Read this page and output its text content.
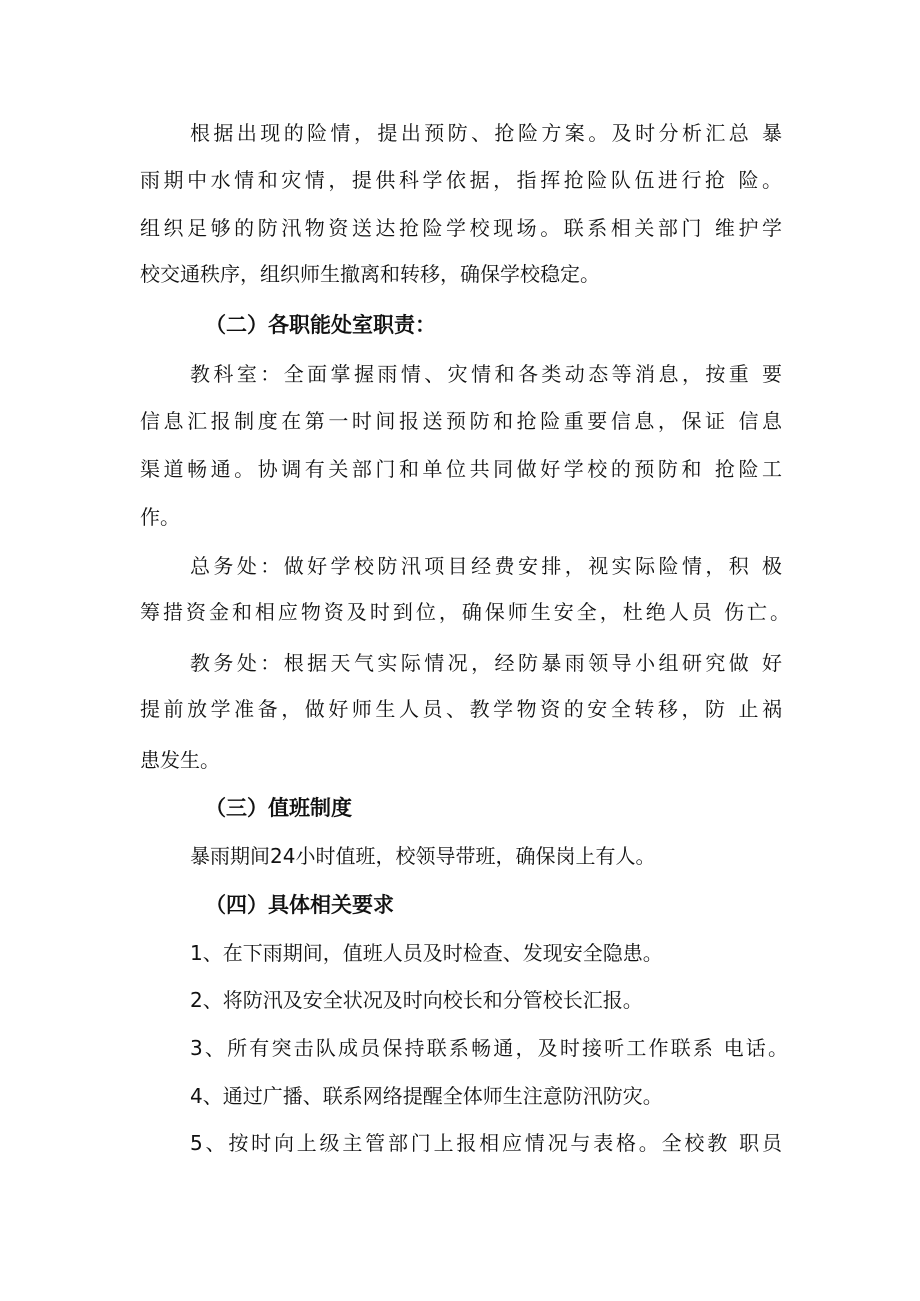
根据出现的险情，提出预防、抢险方案。及时分析汇总 暴
雨期中水情和灾情，提供科学依据，指挥抢险队伍进行抢 险。
组织足够的防汛物资送达抢险学校现场。联系相关部门 维护学
校交通秩序，组织师生撤离和转移，确保学校稳定。
（二）各职能处室职责：
教科室：全面掌握雨情、灾情和各类动态等消息，按重 要
信息汇报制度在第一时间报送预防和抢险重要信息，保证 信息
渠道畅通。协调有关部门和单位共同做好学校的预防和 抢险工
作。
总务处：做好学校防汛项目经费安排，视实际险情，积 极
筹措资金和相应物资及时到位，确保师生安全，杜绝人员 伤亡。
教务处：根据天气实际情况，经防暴雨领导小组研究做 好
提前放学准备，做好师生人员、教学物资的安全转移，防 止祸
患发生。
（三）值班制度
暴雨期间24小时值班，校领导带班，确保岗上有人。
（四）具体相关要求
1、在下雨期间，值班人员及时检查、发现安全隐患。
2、将防汛及安全状况及时向校长和分管校长汇报。
3、所有突击队成员保持联系畅通，及时接听工作联系 电话。
4、通过广播、联系网络提醒全体师生注意防汛防灾。
5、按时向上级主管部门上报相应情况与表格。全校教 职员
